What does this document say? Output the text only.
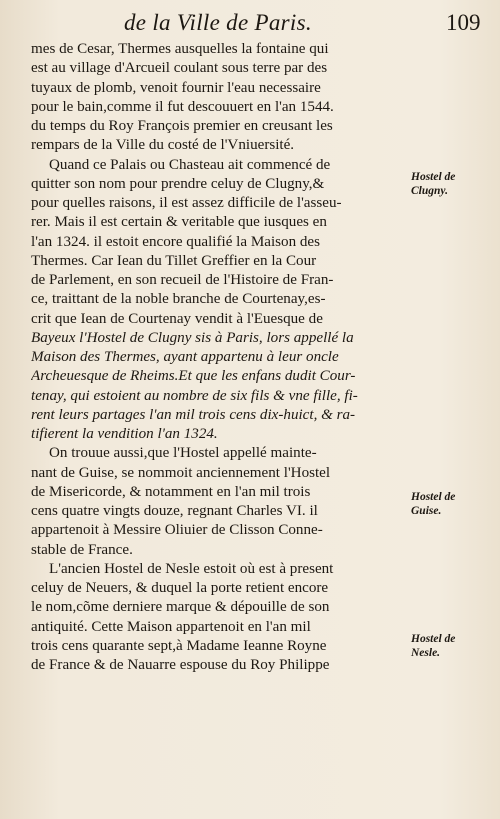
de la Ville de Paris.	109
mes de Cesar, Thermes ausquelles la fontaine qui
est au village d'Arcueil coulant sous terre par des
tuyaux de plomb, venoit fournir l'eau necessaire
pour le bain,comme il fut descouuert en l'an 1544.
du temps du Roy François premier en creusant les
rempars de la Ville du costé de l'Vniuersité.
Quand ce Palais ou Chasteau ait commencé de
quitter son nom pour prendre celuy de Clugny,&
pour quelles raisons, il est assez difficile de l'asseu-
rer. Mais il est certain & veritable que iusques en
l'an 1324. il estoit encore qualifié la Maison des
Thermes. Car Iean du Tillet Greffier en la Cour
de Parlement, en son recueil de l'Histoire de Fran-
ce, traittant de la noble branche de Courtenay,es-
crit que Iean de Courtenay vendit à l'Euesque de
Bayeux l'Hostel de Clugny sis à Paris, lors appellé la
Maison des Thermes, ayant appartenu à leur oncle
Archeuesque de Rheims.Et que les enfans dudit Cour-
tenay, qui estoient au nombre de six fils & vne fille, fi-
rent leurs partages l'an mil trois cens dix-huict, & ra-
tifierent la vendition l'an 1324.
On trouue aussi,que l'Hostel appellé mainte-
nant de Guise, se nommoit anciennement l'Hostel
de Misericorde, & notamment en l'an mil trois
cens quatre vingts douze, regnant Charles VI. il
appartenoit à Messire Oliuier de Clisson Conne-
stable de France.
L'ancien Hostel de Nesle estoit où est à present
celuy de Neuers, & duquel la porte retient encore
le nom,cõme derniere marque & dépouille de son
antiquité. Cette Maison appartenoit en l'an mil
trois cens quarante sept,à Madame Ieanne Royne
de France & de Nauarre espouse du Roy Philippe
Hostel de
Clugny.
Hostel de
Guise.
Hostel de
Nesle.
